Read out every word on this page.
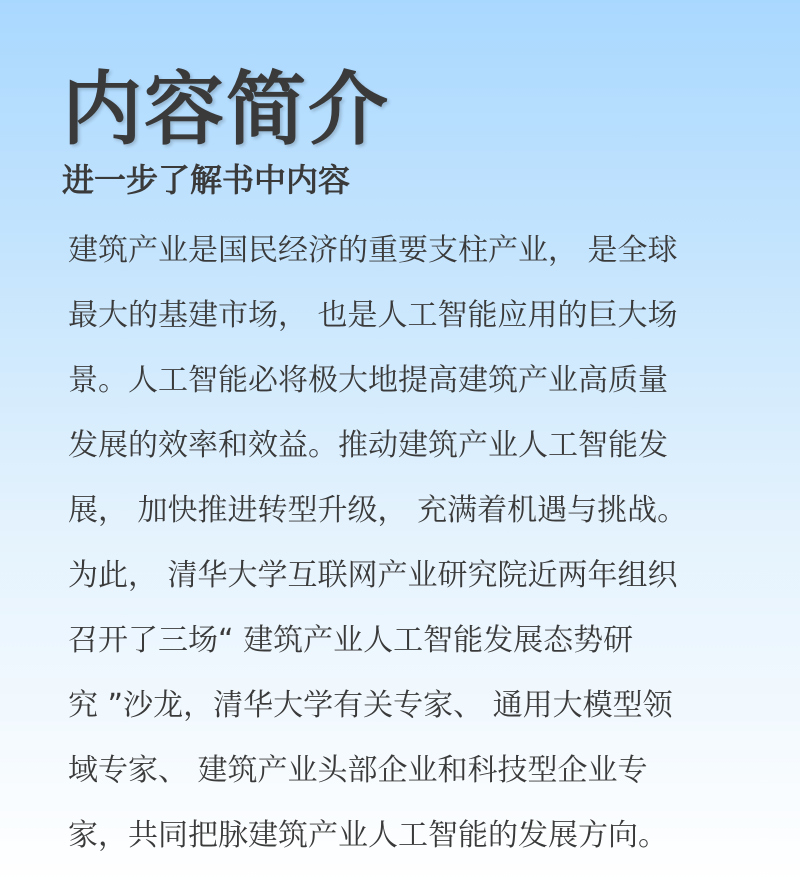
内容简介
进一步了解书中内容
建筑产业是国民经济的重要支柱产业， 是全球
最大的基建市场， 也是人工智能应用的巨大场
景。人工智能必将极大地提高建筑产业高质量
发展的效率和效益。推动建筑产业人工智能发
展， 加快推进转型升级， 充满着机遇与挑战。
为此， 清华大学互联网产业研究院近两年组织
召开了三场“ 建筑产业人工智能发展态势研
究 ”沙龙，清华大学有关专家、 通用大模型领
域专家、 建筑产业头部企业和科技型企业专
家，共同把脉建筑产业人工智能的发展方向。
